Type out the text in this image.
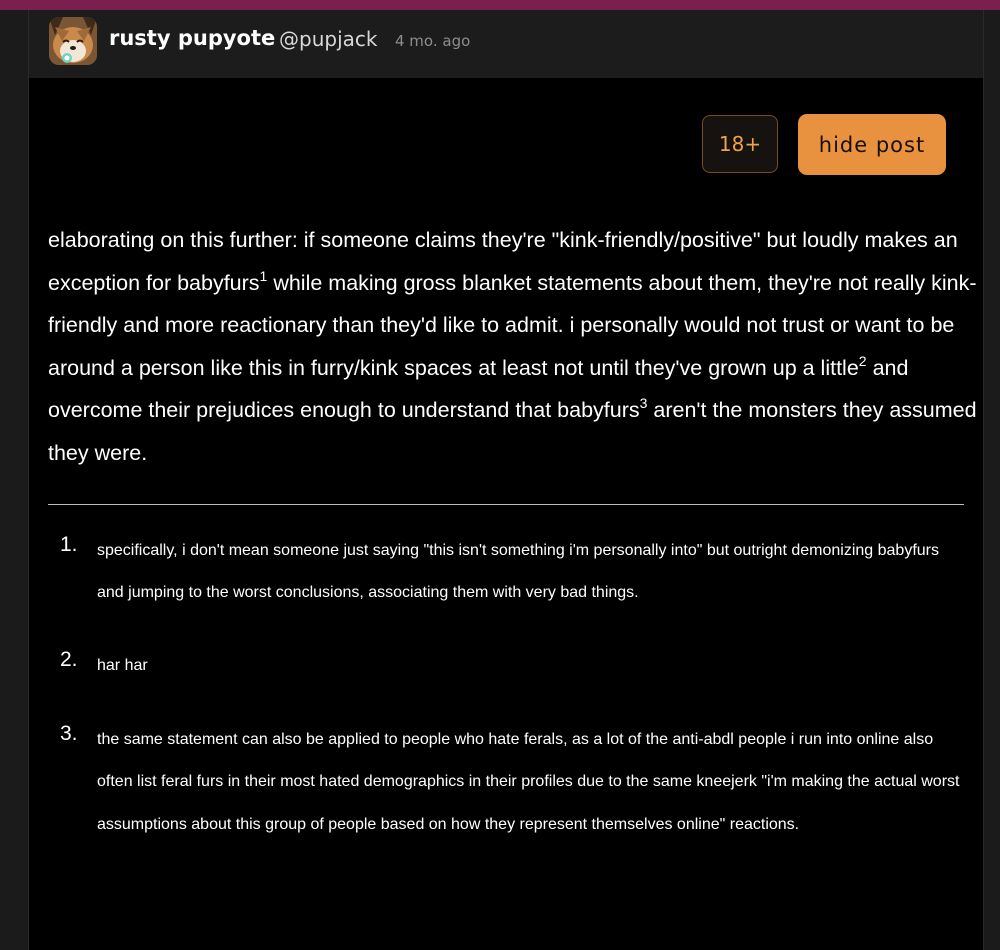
rusty pupyote @pupjack 4 mo. ago
18+	hide post

elaborating on this further: if someone claims they're "kink-friendly/positive" but loudly makes an exception for babyfurs$^1$ while making gross blanket statements about them, they're not really kink-friendly and more reactionary than they'd like to admit. i personally would not trust or want to be around a person like this in furry/kink spaces at least not until they've grown up a little$^2$ and overcome their prejudices enough to understand that babyfurs$^3$ aren't the monsters they assumed they were.

1. specifically, i don't mean someone just saying "this isn't something i'm personally into" but outright demonizing babyfurs and jumping to the worst conclusions, associating them with very bad things.
2. har har
3. the same statement can also be applied to people who hate ferals, as a lot of the anti-abdl people i run into online also often list feral furs in their most hated demographics in their profiles due to the same kneejerk "i'm making the actual worst assumptions about this group of people based on how they represent themselves online" reactions.
